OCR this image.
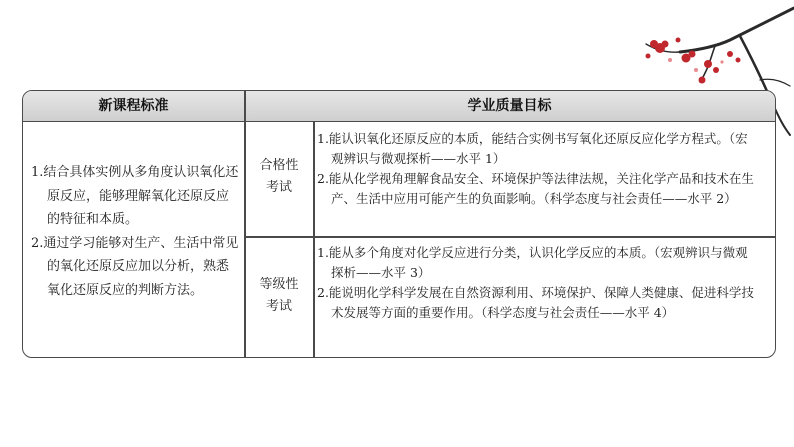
新课程标准	学业质量目标

1.结合具体实例从多角度认识氧化还原反应，能够理解氧化还原反应的特征和本质。

2.通过学习能够对生产、生活中常见的氧化还原反应加以分析，熟悉氧化还原反应的判断方法。

合格性
考试
等级性
考试

1.能认识氧化还原反应的本质，能结合实例书写氧化还原反应化学方程式。（宏观辨识与微观探析——水平 1）

2.能从化学视角理解食品安全、环境保护等法律法规，关注化学产品和技术在生产、生活中应用可能产生的负面影响。（科学态度与社会责任——水平 2）

1.能从多个角度对化学反应进行分类，认识化学反应的本质。（宏观辨识与微观探析——水平 3）

2.能说明化学科学发展在自然资源利用、环境保护、保障人类健康、促进科学技术发展等方面的重要作用。（科学态度与社会责任——水平 4）
